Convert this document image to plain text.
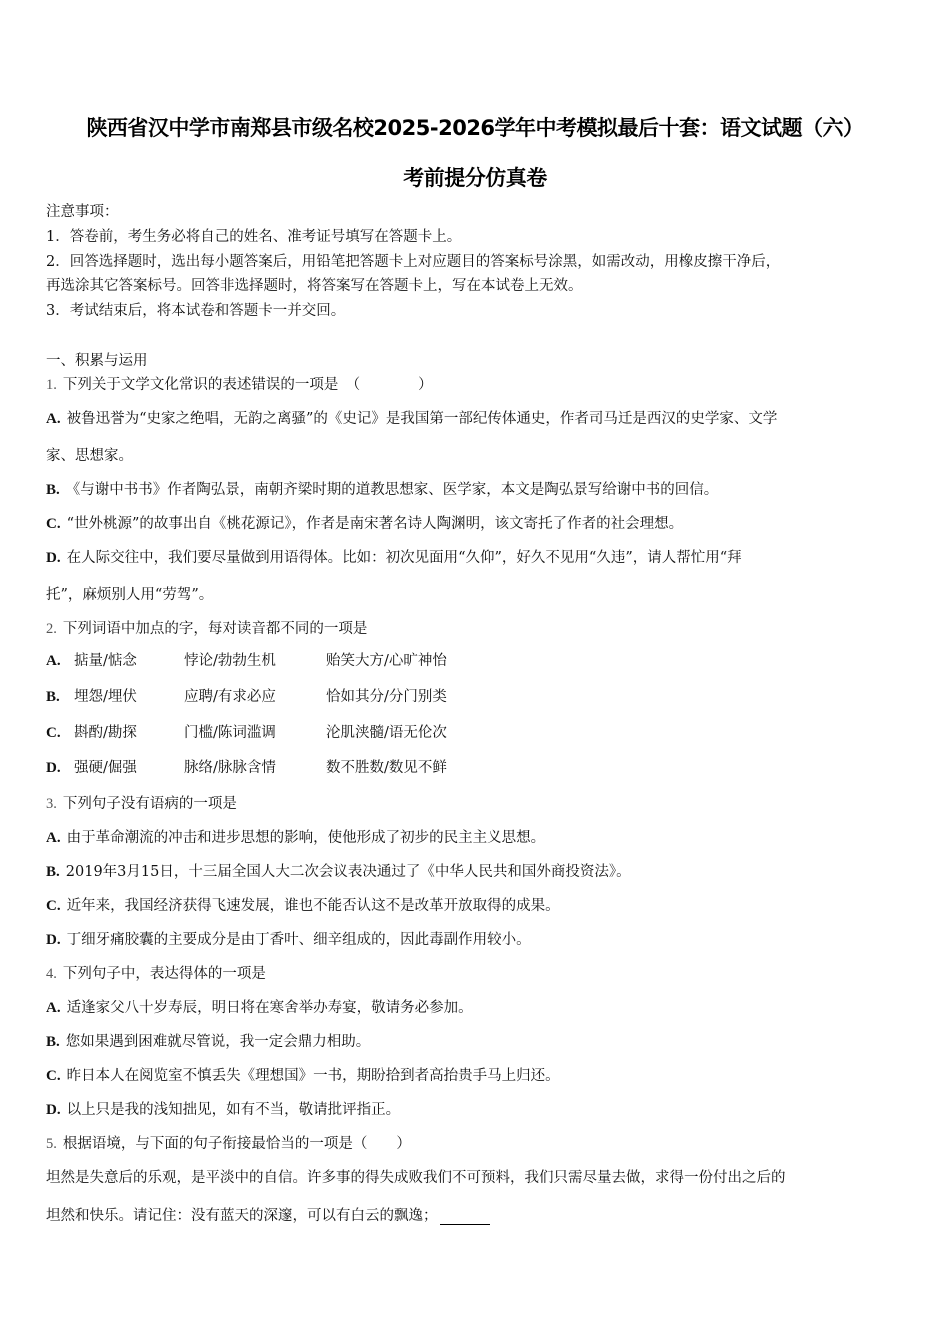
陕西省汉中学市南郑县市级名校2025-2026学年中考模拟最后十套：语文试题（六）
考前提分仿真卷
注意事项：
1．答卷前，考生务必将自己的姓名、准考证号填写在答题卡上。
2．回答选择题时，选出每小题答案后，用铅笔把答题卡上对应题目的答案标号涂黑，如需改动，用橡皮擦干净后，
再选涂其它答案标号。回答非选择题时，将答案写在答题卡上，写在本试卷上无效。
3．考试结束后，将本试卷和答题卡一并交回。
一、积累与运用
1. 下列关于文学文化常识的表述错误的一项是　（　　　　）
A. 被鲁迅誉为“史家之绝唱，无韵之离骚”的《史记》是我国第一部纪传体通史，作者司马迁是西汉的史学家、文学
家、思想家。
B. 《与谢中书书》作者陶弘景，南朝齐梁时期的道教思想家、医学家，本文是陶弘景写给谢中书的回信。
C. “世外桃源”的故事出自《桃花源记》，作者是南宋著名诗人陶渊明，该文寄托了作者的社会理想。
D. 在人际交往中，我们要尽量做到用语得体。比如：初次见面用“久仰”，好久不见用“久违”，请人帮忙用“拜
托”，麻烦别人用“劳驾”。
2. 下列词语中加点的字，每对读音都不同的一项是
A. 掂量/惦念	悖论/勃勃生机	贻笑大方/心旷神怡
B. 埋怨/埋伏	应聘/有求必应	恰如其分/分门别类
C. 斟酌/勘探	门槛/陈词滥调	沦肌浃髓/语无伦次
D. 强硬/倔强	脉络/脉脉含情	数不胜数/数见不鲜
3. 下列句子没有语病的一项是
A. 由于革命潮流的冲击和进步思想的影响，使他形成了初步的民主主义思想。
B. 2019年3月15日，十三届全国人大二次会议表决通过了《中华人民共和国外商投资法》。
C. 近年来，我国经济获得飞速发展，谁也不能否认这不是改革开放取得的成果。
D. 丁细牙痛胶囊的主要成分是由丁香叶、细辛组成的，因此毒副作用较小。
4. 下列句子中，表达得体的一项是
A. 适逢家父八十岁寿辰，明日将在寒舍举办寿宴，敬请务必参加。
B. 您如果遇到困难就尽管说，我一定会鼎力相助。
C. 昨日本人在阅览室不慎丢失《理想国》一书，期盼拾到者高抬贵手马上归还。
D. 以上只是我的浅知拙见，如有不当，敬请批评指正。
5. 根据语境，与下面的句子衔接最恰当的一项是（　　）
坦然是失意后的乐观，是平淡中的自信。许多事的得失成败我们不可预料，我们只需尽量去做，求得一份付出之后的
坦然和快乐。请记住：没有蓝天的深邃，可以有白云的飘逸；
